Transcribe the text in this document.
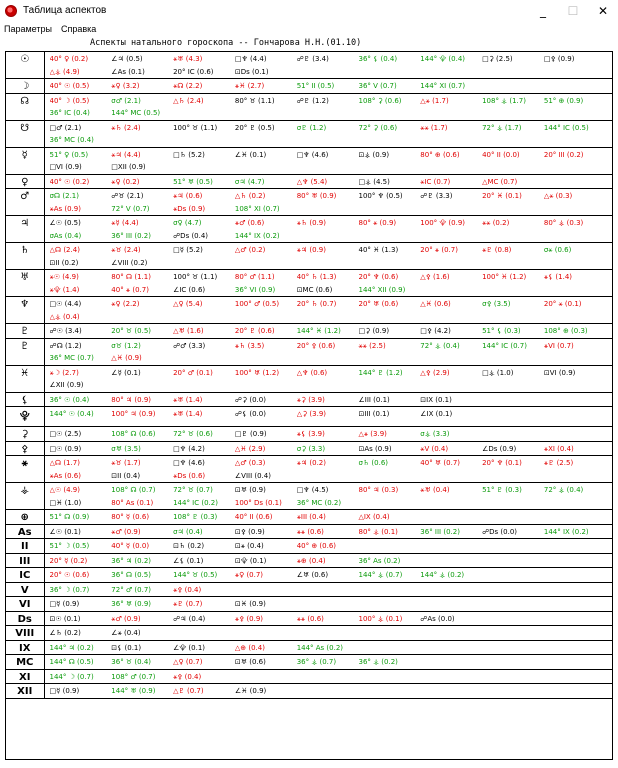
Таблица аспектов	_	☐	✕
Параметры	Справка
Аспекты натального гороскопа -- Гончарова Н.Н.(01.10)
☉	40° ♀ (0.2) ∠♃ (0.5) ⚹♅ (4.3) □♆ (4.4) ☍♇ (3.4) 36° ⚸ (0.4) 144° ⯓ (0.4) □⚳ (2.5) □⚴ (0.9)
△⚶ (4.9) ∠As (0.1) 20° IC (0.6) ⊡Ds (0.1)

☽	40° ☉ (0.5) ⚹♀ (3.2) ⚹☊ (2.2) ⚹♓ (2.7) 51° II (0.5) 36° V (0.7) 144° XI (0.7)

☊	40° ☽ (0.5) σ♂ (2.1) △♄ (2.4) 80° ♉ (1.1) ☍♇ (1.2) 108° ⚳ (0.6) △⚹ (1.7) 108° ⚶ (1.7) 51° ⊕ (0.9)
36° IC (0.4) 144° MC (0.5)

☋	□♂ (2.1) ⚹♄ (2.4) 100° ♉ (1.1) 20° ♇ (0.5) σ♇ (1.2) 72° ⚳ (0.6) ⚹⚹ (1.7) 72° ⚶ (1.7) 144° IC (0.5)
36° MC (0.4)

☿	51° ♀ (0.5) ⚹♃ (4.4) □♄ (5.2) ∠♓ (0.1) □♆ (4.6) ⊡⚶ (0.9) 80° ⊕ (0.6) 40° II (0.0) 20° III (0.2)
□VI (0.9) □XII (0.9)

♀	40° ☉ (0.2) ⚹♀ (0.2) 51° ♅ (0.5) σ♃ (4.7) △♆ (5.4) □⚶ (4.5) ⚹IC (0.7) △MC (0.7)

♂	σ☊ (2.1) ☍♉ (2.1) ⚹♃ (0.6) △♄ (0.2) 80° ♅ (0.9) 100° ♆ (0.5) ☍♇ (3.3) 20° ♓ (0.1) △⚹ (0.3)
⚹As (0.9) 72° V (0.7) ⚹Ds (0.9) 108° XI (0.7)

♃	∠☉ (0.5) ⚹☿ (4.4) σ♀ (4.7) ⚹♂ (0.6) ⚹♄ (0.9) 80° ⚹ (0.9) 100° ⯓ (0.9) ⚹⚹ (0.2) 80° ⚶ (0.3)
σAs (0.4) 36° III (0.2) ☍Ds (0.4) 144° IX (0.2)

♄	△☊ (2.4) ⚹♉ (2.4) □☿ (5.2) △♂ (0.2) ⚹♃ (0.9) 40° ♓ (1.3) 20° ⚹ (0.7) ⚹♇ (0.8) σ⚹ (0.6)
⊡II (0.2) ∠VIII (0.2)

♅	⚹☉ (4.9) 80° ☊ (1.1) 100° ♉ (1.1) 80° ♂ (1.1) 40° ♄ (1.3) 20° ♆ (0.6) △⚴ (1.6) 100° ♓ (1.2) ⚹⚸ (1.4)
⚹⯓ (1.4) 40° ⚹ (0.7) ∠IC (0.6) 36° VI (0.9) ⊡MC (0.6) 144° XII (0.9)

♆	□☉ (4.4) ⚹♀ (2.2) △♀ (5.4) 100° ♂ (0.5) 20° ♄ (0.7) 20° ♅ (0.6) △♓ (0.6) σ⚴ (3.5) 20° ⚹ (0.1)
△⚶ (0.4)

♇	☍☉ (3.4) 20° ♉ (0.5) △♅ (1.6) 20° ♇ (0.6) 144° ♓ (1.2) □⚳ (0.9) □⚴ (4.2) 51° ⚸ (0.3) 108° ⊕ (0.3)

♇	☍☊ (1.2) σ♉ (1.2) ☍♂ (3.3) ⚹♄ (3.5) 20° ⚴ (0.6) ⚹⚹ (2.5) 72° ⚶ (0.4) 144° IC (0.7) ⚹VI (0.7)
36° MC (0.7) △♓ (0.9)

♓	⚹☽ (2.7) ∠☿ (0.1) 20° ♂ (0.1) 100° ♅ (1.2) △♆ (0.6) 144° ♇ (1.2) △⚴ (2.9) □⚶ (1.0) ⊡VI (0.9)
∠XII (0.9)

⚸	36° ☉ (0.4) 80° ♃ (0.9) ⚹♅ (1.4) ☍⚳ (0.0) ⚹⚳ (3.9) ∠III (0.1) ⊡IX (0.1)

⯓	144° ☉ (0.4) 100° ♃ (0.9) ⚹♅ (1.4) ☍⚸ (0.0) △⚳ (3.9) ⊡III (0.1) ∠IX (0.1)

⚳	□☉ (2.5) 108° ☊ (0.6) 72° ♉ (0.6) □♇ (0.9) ⚹⚸ (3.9) △⚹ (3.9) σ⚶ (3.3)

⚴	□☉ (0.9) σ♅ (3.5) □♆ (4.2) △♓ (2.9) σ⚳ (3.3) ⊡As (0.9) ⚹V (0.4) ∠Ds (0.9) ⚹XI (0.4)

⚹	△☊ (1.7) ⚹♉ (1.7) □♆ (4.6) △♂ (0.3) ⚹♃ (0.2) σ♄ (0.6) 40° ♅ (0.7) 20° ♆ (0.1) ⚹♇ (2.5)
⚹As (0.6) ⊡II (0.4) ⚹Ds (0.6) ∠VIII (0.4)

⚶	△☉ (4.9) 108° ☊ (0.7) 72° ♉ (0.7) ⊡♅ (0.9) □♆ (4.5) 80° ♃ (0.3) ⚹♅ (0.4) 51° ♇ (0.3) 72° ⚶ (0.4)
□♓ (1.0) 80° As (0.1) 144° IC (0.2) 100° Ds (0.1) 36° MC (0.2)

⊕	51° ☊ (0.9) 80° ☿ (0.6) 108° ♇ (0.3) 40° II (0.6) ⚹III (0.4) △IX (0.4)

As	∠☉ (0.1) ⚹♂ (0.9) σ♃ (0.4) ⊡⚴ (0.9) ⚹⚹ (0.6) 80° ⚶ (0.1) 36° III (0.2) ☍Ds (0.0) 144° IX (0.2)

II	51° ☽ (0.5) 40° ☿ (0.0) ⊡♄ (0.2) ⊡⚹ (0.4) 40° ⊕ (0.6)

III	20° ☿ (0.2) 36° ♃ (0.2) ∠⚸ (0.1) ⊡⯓ (0.1) ⚹⊕ (0.4) 36° As (0.2)

IC	20° ☉ (0.6) 36° ☊ (0.5) 144° ♉ (0.5) ⚹♀ (0.7) ∠♅ (0.6) 144° ⚶ (0.7) 144° ⚶ (0.2)

V	36° ☽ (0.7) 72° ♂ (0.7) ⚹⚴ (0.4)

VI	□☿ (0.9) 36° ♅ (0.9) ⚹♇ (0.7) ⊡♓ (0.9)

Ds	⊡☉ (0.1) ⚹♂ (0.9) ☍♃ (0.4) ⚹⚴ (0.9) ⚹⚹ (0.6) 100° ⚶ (0.1) ☍As (0.0)

VIII	∠♄ (0.2) ∠⚹ (0.4)

IX	144° ♃ (0.2) ⊡⚸ (0.1) ∠⯓ (0.1) △⊕ (0.4) 144° As (0.2)

MC	144° ☊ (0.5) 36° ♉ (0.4) △♀ (0.7) ⊡♅ (0.6) 36° ⚶ (0.7) 36° ⚶ (0.2)

XI	144° ☽ (0.7) 108° ♂ (0.7) ⚹⚴ (0.4)

XII	□☿ (0.9) 144° ♅ (0.9) △♇ (0.7) ∠♓ (0.9)
